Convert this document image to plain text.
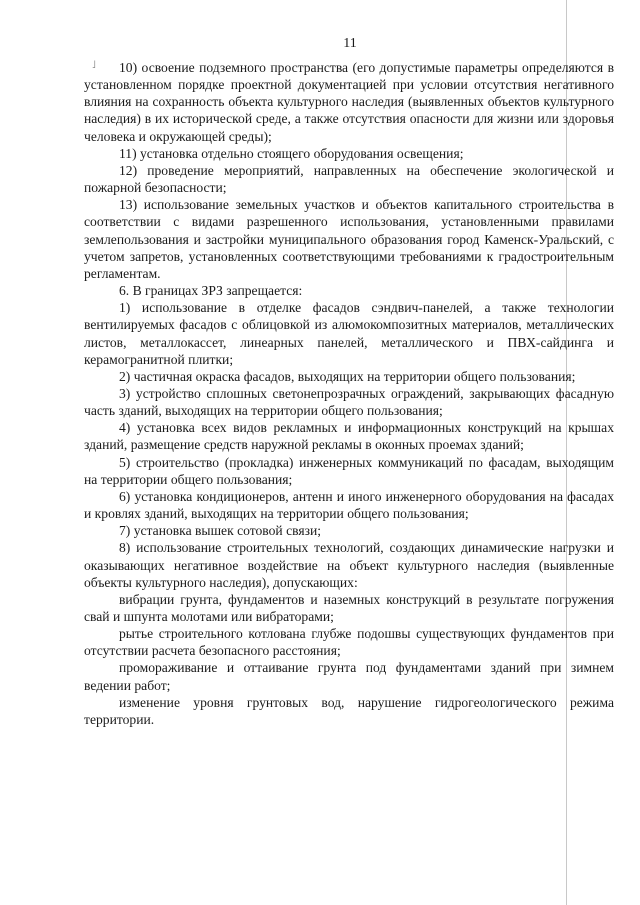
˩
11

10) освоение подземного пространства (его допустимые параметры определяются в установленном порядке проектной документацией при условии отсутствия негативного влияния на сохранность объекта культурного наследия (выявленных объектов культурного наследия) в их исторической среде, а также отсутствия опасности для жизни или здоровья человека и окружающей среды);

11) установка отдельно стоящего оборудования освещения;

12) проведение мероприятий, направленных на обеспечение экологической и пожарной безопасности;

13) использование земельных участков и объектов капитального строительства в соответствии с видами разрешенного использования, установленными правилами землепользования и застройки муниципального образования город Каменск-Уральский, с учетом запретов, установленных соответствующими требованиями к градостроительным регламентам.

6. В границах ЗРЗ запрещается:

1) использование в отделке фасадов сэндвич-панелей, а также технологии вентилируемых фасадов с облицовкой из алюмокомпозитных материалов, металлических листов, металлокассет, линеарных панелей, металлического и ПВХ-сайдинга и керамогранитной плитки;

2) частичная окраска фасадов, выходящих на территории общего пользования;

3) устройство сплошных светонепрозрачных ограждений, закрывающих фасадную часть зданий, выходящих на территории общего пользования;

4) установка всех видов рекламных и информационных конструкций на крышах зданий, размещение средств наружной рекламы в оконных проемах зданий;

5) строительство (прокладка) инженерных коммуникаций по фасадам, выходящим на территории общего пользования;

6) установка кондиционеров, антенн и иного инженерного оборудования на фасадах и кровлях зданий, выходящих на территории общего пользования;

7) установка вышек сотовой связи;

8) использование строительных технологий, создающих динамические нагрузки и оказывающих негативное воздействие на объект культурного наследия (выявленные объекты культурного наследия), допускающих:

вибрации грунта, фундаментов и наземных конструкций в результате погружения свай и шпунта молотами или вибраторами;

рытье строительного котлована глубже подошвы существующих фундаментов при отсутствии расчета безопасного расстояния;

промораживание и оттаивание грунта под фундаментами зданий при зимнем ведении работ;

изменение уровня грунтовых вод, нарушение гидрогеологического режима территории.
